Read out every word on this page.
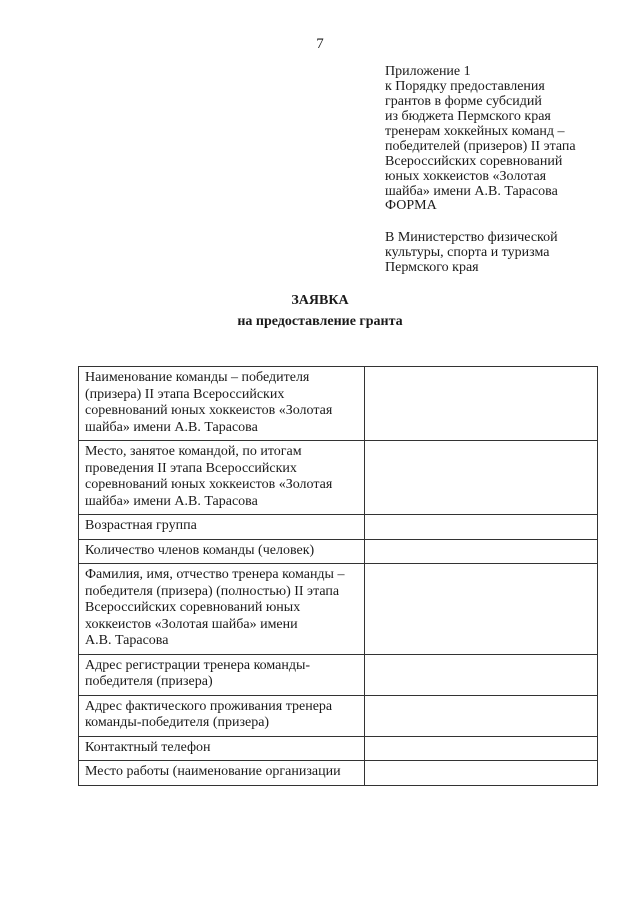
7
Приложение 1
к Порядку предоставления
грантов в форме субсидий
из бюджета Пермского края
тренерам хоккейных команд –
победителей (призеров) II этапа
Всероссийских соревнований
юных хоккеистов «Золотая
шайба» имени А.В. Тарасова
ФОРМА
В Министерство физической
культуры, спорта и туризма
Пермского края
ЗАЯВКА
на предоставление гранта
Наименование команды – победителя
(призера) II этапа Всероссийских
соревнований юных хоккеистов «Золотая
шайба» имени А.В. Тарасова	

Место, занятое командой, по итогам
проведения II этапа Всероссийских
соревнований юных хоккеистов «Золотая
шайба» имени А.В. Тарасова	

Возрастная группа	

Количество членов команды (человек)	

Фамилия, имя, отчество тренера команды –
победителя (призера) (полностью) II этапа
Всероссийских соревнований юных
хоккеистов «Золотая шайба» имени
А.В. Тарасова	

Адрес регистрации тренера команды-
победителя (призера)	

Адрес фактического проживания тренера
команды-победителя (призера)	

Контактный телефон	

Место работы (наименование организации	
